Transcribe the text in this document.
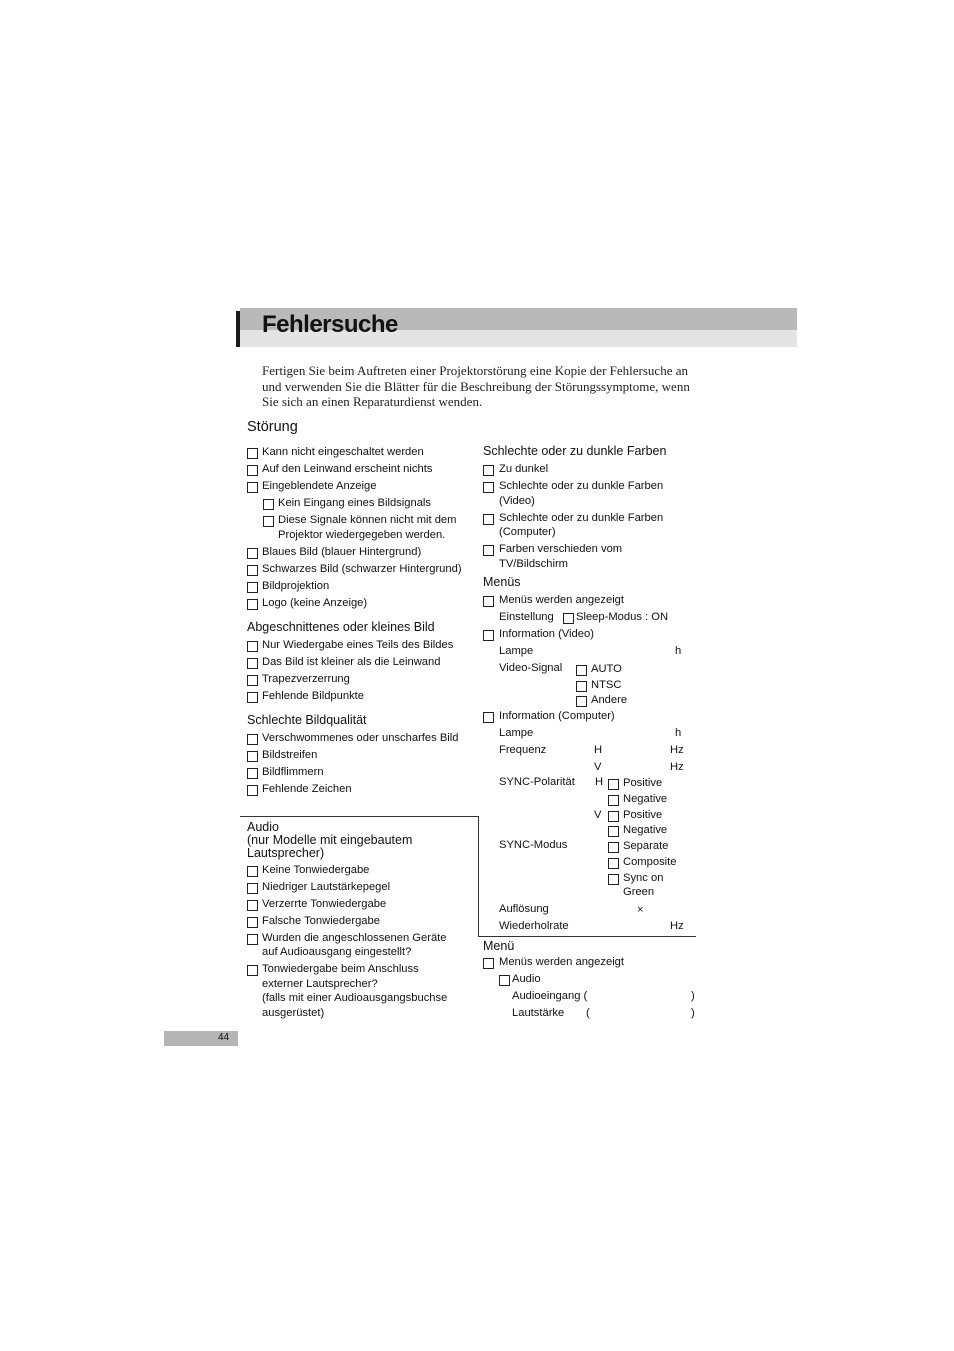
Fehlersuche
Fertigen Sie beim Auftreten einer Projektorstörung eine Kopie der Fehlersuche an und verwenden Sie die Blätter für die Beschreibung der Störungssymptome, wenn Sie sich an einen Reparaturdienst wenden.
Störung
Kann nicht eingeschaltet werden
Auf den Leinwand erscheint nichts
Eingeblendete Anzeige
Kein Eingang eines Bildsignals
Diese Signale können nicht mit dem
Projektor wiedergegeben werden.
Blaues Bild (blauer Hintergrund)
Schwarzes Bild (schwarzer Hintergrund)
Bildprojektion
Logo (keine Anzeige)
Abgeschnittenes oder kleines Bild
Nur Wiedergabe eines Teils des Bildes
Das Bild ist kleiner als die Leinwand
Trapezverzerrung
Fehlende Bildpunkte
Schlechte Bildqualität
Verschwommenes oder unscharfes Bild
Bildstreifen
Bildflimmern
Fehlende Zeichen
Audio
(nur Modelle mit eingebautem
Lautsprecher)
Keine Tonwiedergabe
Niedriger Lautstärkepegel
Verzerrte Tonwiedergabe
Falsche Tonwiedergabe
Wurden die angeschlossenen Geräte
auf Audioausgang eingestellt?
Tonwiedergabe beim Anschluss
externer Lautsprecher?
(falls mit einer Audioausgangsbuchse
ausgerüstet)
Schlechte oder zu dunkle Farben
Zu dunkel
Schlechte oder zu dunkle Farben
(Video)
Schlechte oder zu dunkle Farben
(Computer)
Farben verschieden vom
TV/Bildschirm
Menüs
Menüs werden angezeigt
Einstellung Sleep-Modus : ON
Information (Video)
Lampe	h
Video-Signal	AUTO
NTSC
Andere
Information (Computer)
Lampe	h
Frequenz	H	Hz
V	Hz
SYNC-Polarität H Positive
Negative
V Positive
Negative
SYNC-Modus	Separate
Composite
Sync on
Green
Auflösung	×
Wiederholrate	Hz
Menü
Menüs werden angezeigt
Audio
Audioeingang (	)
Lautstärke (	)
44
